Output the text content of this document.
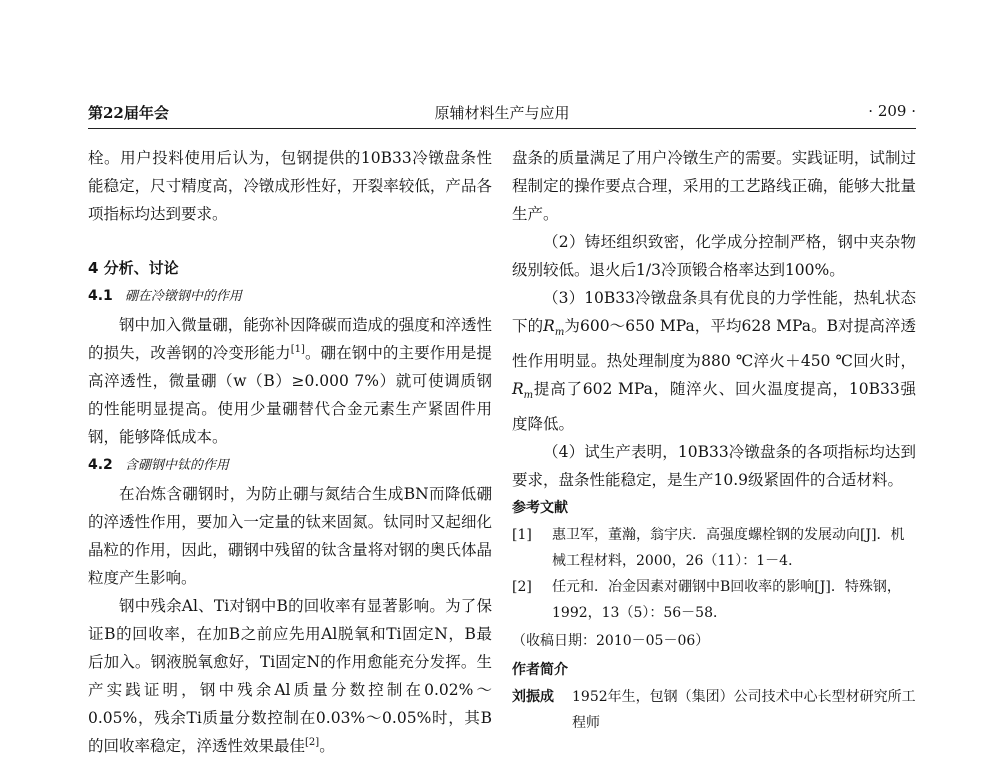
第22届年会	原辅材料生产与应用	· 209 ·

栓。用户投料使用后认为，包钢提供的10B33冷镦盘条性能稳定，尺寸精度高，冷镦成形性好，开裂率较低，产品各项指标均达到要求。

4 分析、讨论

4.1 硼在冷镦钢中的作用

钢中加入微量硼，能弥补因降碳而造成的强度和淬透性的损失，改善钢的冷变形能力[1]。硼在钢中的主要作用是提高淬透性，微量硼（w（B）≥0.000 7%）就可使调质钢的性能明显提高。使用少量硼替代合金元素生产紧固件用钢，能够降低成本。

4.2 含硼钢中钛的作用

在冶炼含硼钢时，为防止硼与氮结合生成BN而降低硼的淬透性作用，要加入一定量的钛来固氮。钛同时又起细化晶粒的作用，因此，硼钢中残留的钛含量将对钢的奥氏体晶粒度产生影响。

钢中残余Al、Ti对钢中B的回收率有显著影响。为了保证B的回收率，在加B之前应先用Al脱氧和Ti固定N，B最后加入。钢液脱氧愈好，Ti固定N的作用愈能充分发挥。生产实践证明，钢中残余Al质量分数控制在0.02%～0.05%，残余Ti质量分数控制在0.03%～0.05%时，其B的回收率稳定，淬透性效果最佳[2]。

盘条的质量满足了用户冷镦生产的需要。实践证明，试制过程制定的操作要点合理，采用的工艺路线正确，能够大批量生产。

（2）铸坯组织致密，化学成分控制严格，钢中夹杂物级别较低。退火后1/3冷顶锻合格率达到100%。

（3）10B33冷镦盘条具有优良的力学性能，热轧状态下的$R_m$为600～650 MPa，平均628 MPa。B对提高淬透性作用明显。热处理制度为880 ℃淬火＋450 ℃回火时，$R_m$提高了602 MPa，随淬火、回火温度提高，10B33强度降低。

（4）试生产表明，10B33冷镦盘条的各项指标均达到要求，盘条性能稳定，是生产10.9级紧固件的合适材料。

参考文献

[1] 惠卫军，董瀚，翁宇庆．高强度螺栓钢的发展动向[J]．机械工程材料，2000，26（11）：1－4．
[2] 任元和．冶金因素对硼钢中B回收率的影响[J]．特殊钢，1992，13（5）：56－58．

（收稿日期：2010－05－06）

作者简介

刘振成 1952年生，包钢（集团）公司技术中心长型材研究所工程师
